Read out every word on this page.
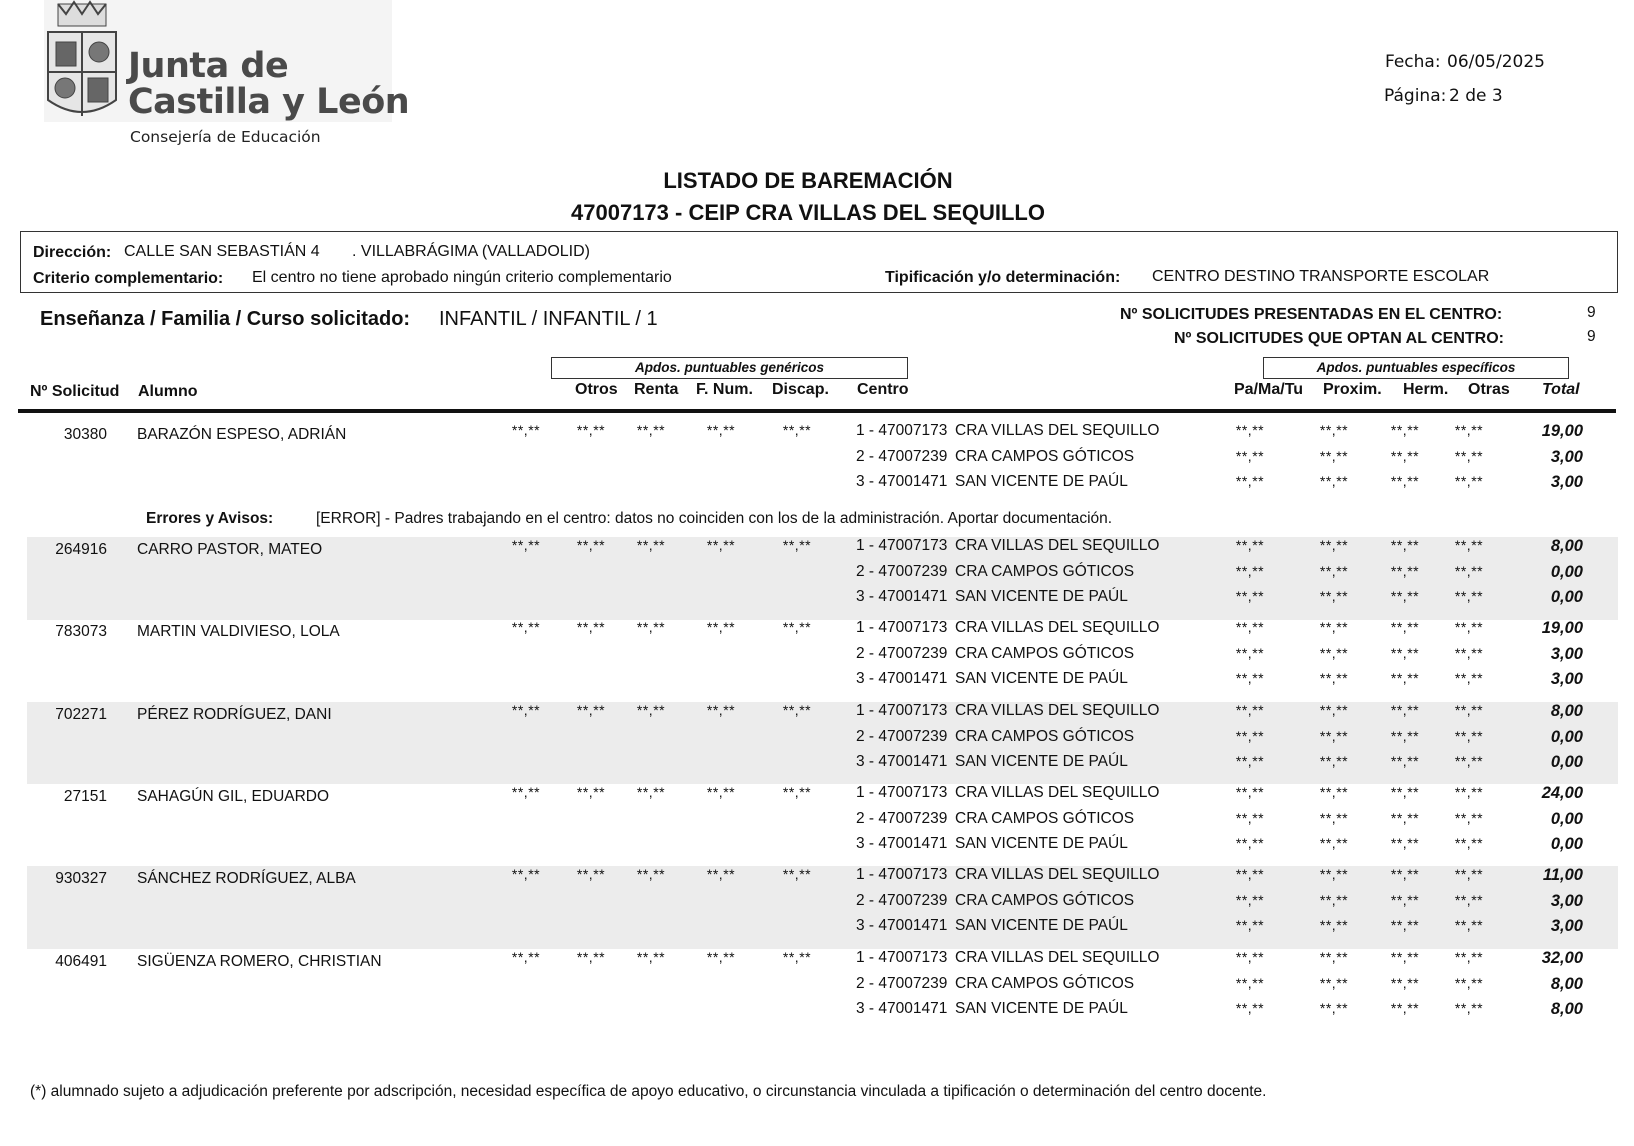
Junta de
Castilla y León
Consejería de Educación
Fecha: 06/05/2025
Página: 2 de 3
LISTADO DE BAREMACIÓN
47007173 - CEIP CRA VILLAS DEL SEQUILLO
Dirección: CALLE SAN SEBASTIÁN 4 . VILLABRÁGIMA (VALLADOLID)
Criterio complementario: El centro no tiene aprobado ningún criterio complementario	Tipificación y/o determinación: CENTRO DESTINO TRANSPORTE ESCOLAR
Enseñanza / Familia / Curso solicitado: INFANTIL / INFANTIL / 1	Nº SOLICITUDES PRESENTADAS EN EL CENTRO:	9
Nº SOLICITUDES QUE OPTAN AL CENTRO:	9
Apdos. puntuables genéricos	Apdos. puntuables específicos
Nº Solicitud Alumno	Otros Renta F. Num. Discap. Centro	Pa/Ma/Tu Proxim. Herm. Otras Total
30380 BARAZÓN ESPESO, ADRIÁN	**,**	**,**	**,**	**,**	**,**	1 - 47007173 CRA VILLAS DEL SEQUILLO	**,**	**,**	**,**	**,**	19,00
2 - 47007239 CRA CAMPOS GÓTICOS	**,**	**,**	**,**	**,**	3,00
3 - 47001471 SAN VICENTE DE PAÚL	**,**	**,**	**,**	**,**	3,00
Errores y Avisos:	[ERROR] - Padres trabajando en el centro: datos no coinciden con los de la administración. Aportar documentación.
264916 CARRO PASTOR, MATEO	**,**	**,**	**,**	**,**	**,**	1 - 47007173 CRA VILLAS DEL SEQUILLO	**,**	**,**	**,**	**,**	8,00
2 - 47007239 CRA CAMPOS GÓTICOS	**,**	**,**	**,**	**,**	0,00
3 - 47001471 SAN VICENTE DE PAÚL	**,**	**,**	**,**	**,**	0,00
783073 MARTIN VALDIVIESO, LOLA	**,**	**,**	**,**	**,**	**,**	1 - 47007173 CRA VILLAS DEL SEQUILLO	**,**	**,**	**,**	**,**	19,00
2 - 47007239 CRA CAMPOS GÓTICOS	**,**	**,**	**,**	**,**	3,00
3 - 47001471 SAN VICENTE DE PAÚL	**,**	**,**	**,**	**,**	3,00
702271 PÉREZ RODRÍGUEZ, DANI	**,**	**,**	**,**	**,**	**,**	1 - 47007173 CRA VILLAS DEL SEQUILLO	**,**	**,**	**,**	**,**	8,00
2 - 47007239 CRA CAMPOS GÓTICOS	**,**	**,**	**,**	**,**	0,00
3 - 47001471 SAN VICENTE DE PAÚL	**,**	**,**	**,**	**,**	0,00
27151 SAHAGÚN GIL, EDUARDO	**,**	**,**	**,**	**,**	**,**	1 - 47007173 CRA VILLAS DEL SEQUILLO	**,**	**,**	**,**	**,**	24,00
2 - 47007239 CRA CAMPOS GÓTICOS	**,**	**,**	**,**	**,**	0,00
3 - 47001471 SAN VICENTE DE PAÚL	**,**	**,**	**,**	**,**	0,00
930327 SÁNCHEZ RODRÍGUEZ, ALBA	**,**	**,**	**,**	**,**	**,**	1 - 47007173 CRA VILLAS DEL SEQUILLO	**,**	**,**	**,**	**,**	11,00
2 - 47007239 CRA CAMPOS GÓTICOS	**,**	**,**	**,**	**,**	3,00
3 - 47001471 SAN VICENTE DE PAÚL	**,**	**,**	**,**	**,**	3,00
406491 SIGÜENZA ROMERO, CHRISTIAN	**,**	**,**	**,**	**,**	**,**	1 - 47007173 CRA VILLAS DEL SEQUILLO	**,**	**,**	**,**	**,**	32,00
2 - 47007239 CRA CAMPOS GÓTICOS	**,**	**,**	**,**	**,**	8,00
3 - 47001471 SAN VICENTE DE PAÚL	**,**	**,**	**,**	**,**	8,00
(*) alumnado sujeto a adjudicación preferente por adscripción, necesidad específica de apoyo educativo, o circunstancia vinculada a tipificación o determinación del centro docente.
